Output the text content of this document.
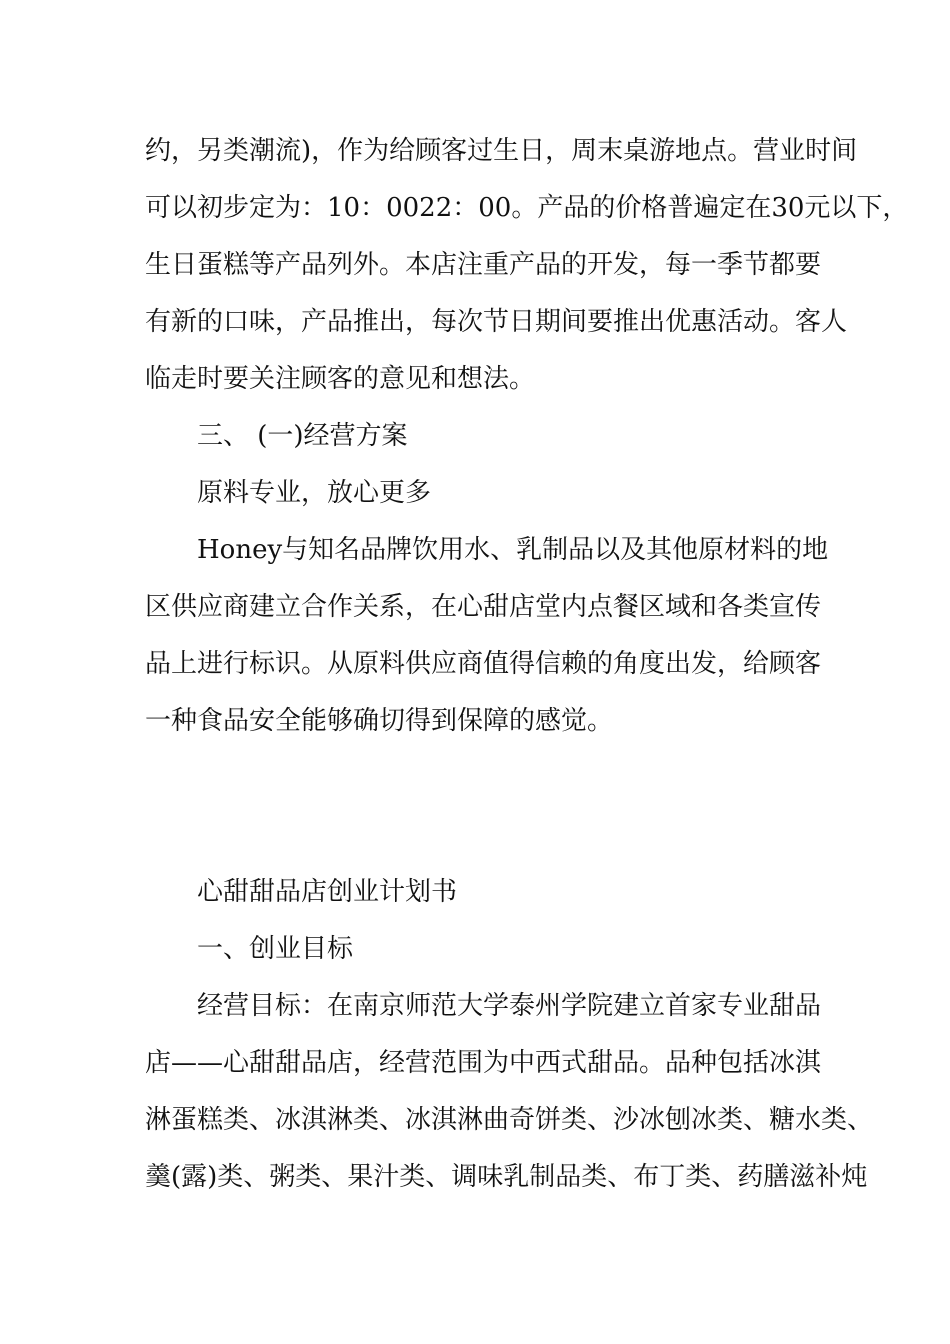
约，另类潮流)，作为给顾客过生日，周末桌游地点。营业时间
可以初步定为：10：0022：00。产品的价格普遍定在30元以下，
生日蛋糕等产品列外。本店注重产品的开发，每一季节都要
有新的口味，产品推出，每次节日期间要推出优惠活动。客人
临走时要关注顾客的意见和想法。
三、 (一)经营方案
原料专业，放心更多
Honey与知名品牌饮用水、乳制品以及其他原材料的地
区供应商建立合作关系，在心甜店堂内点餐区域和各类宣传
品上进行标识。从原料供应商值得信赖的角度出发，给顾客
一种食品安全能够确切得到保障的感觉。
心甜甜品店创业计划书
一、创业目标
经营目标：在南京师范大学泰州学院建立首家专业甜品
店——心甜甜品店，经营范围为中西式甜品。品种包括冰淇
淋蛋糕类、冰淇淋类、冰淇淋曲奇饼类、沙冰刨冰类、糖水类、
羹(露)类、粥类、果汁类、调味乳制品类、布丁类、药膳滋补炖
